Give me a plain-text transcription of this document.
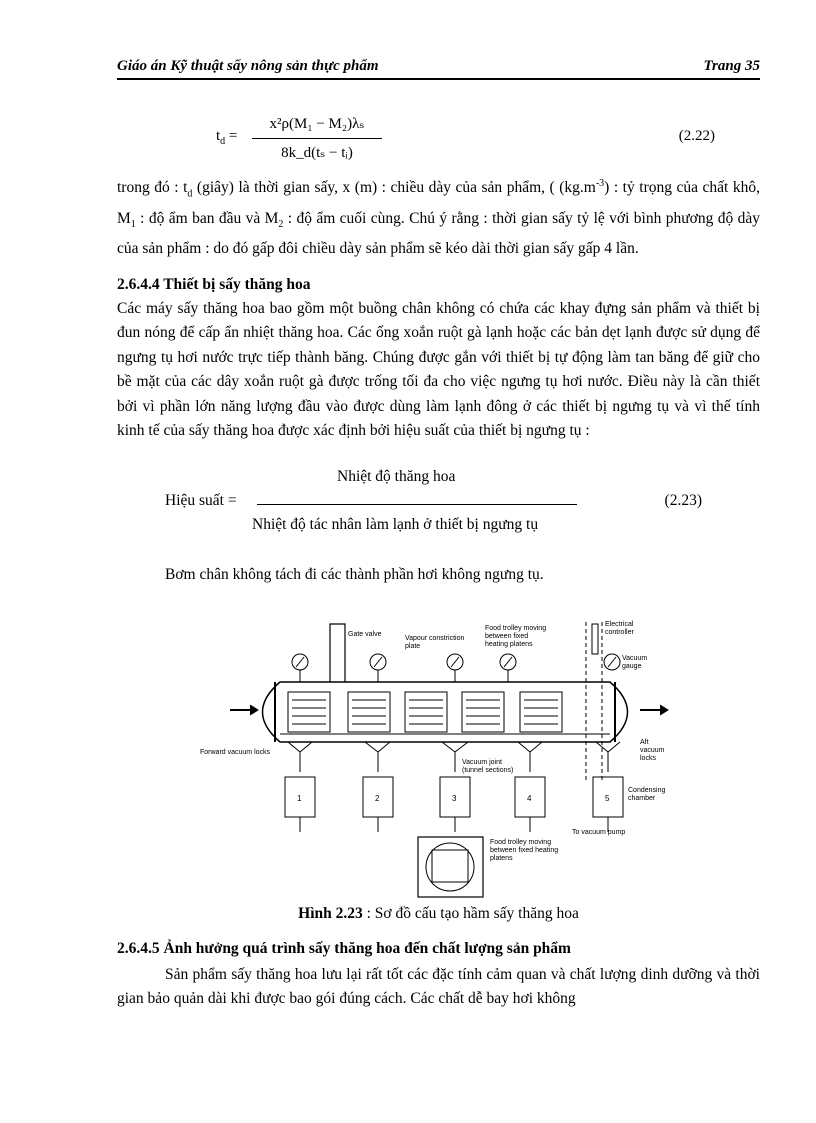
Giáo án Kỹ thuật sấy nông sản thực phẩm	Trang 35
$t_d$ =
x²ρ(M₁ − M₂)λₛ
8k_d(tₛ − tᵢ)
(2.22)
trong đó : $t_d$ (giây) là thời gian sấy, x (m) : chiều dày của sản phẩm, ( $(kg.m^{-3})$ : tỷ trọng của chất khô, $M_1$ : độ ẩm ban đầu và $M_2$ : độ ẩm cuối cùng. Chú ý rằng : thời gian sấy tỷ lệ với bình phương độ dày của sản phẩm : do đó gấp đôi chiều dày sản phẩm sẽ kéo dài thời gian sấy gấp 4 lần.
2.6.4.4 Thiết bị sấy thăng hoa
Các máy sấy thăng hoa bao gồm một buồng chân không có chứa các khay đựng sản phẩm và thiết bị đun nóng để cấp ẩn nhiệt thăng hoa. Các ống xoắn ruột gà lạnh hoặc các bản dẹt lạnh được sử dụng để ngưng tụ hơi nước trực tiếp thành băng. Chúng được gắn với thiết bị tự động làm tan băng để giữ cho bề mặt của các dây xoắn ruột gà được trống tối đa cho việc ngưng tụ hơi nước. Điều này là cần thiết bởi vì phần lớn năng lượng đầu vào được dùng làm lạnh đông ở các thiết bị ngưng tụ và vì thế tính kinh tế của sấy thăng hoa được xác định bởi hiệu suất của thiết bị ngưng tụ :
Nhiệt độ thăng hoa
Hiệu suất =
Nhiệt độ tác nhân làm lạnh ở thiết bị ngưng tụ
(2.23)
Bơm chân không tách đi các thành phần hơi không ngưng tụ.
1	2	3	4	5
Gate valve
Vapour constriction plate
Food trolley moving between fixed heating platens
Electrical controller
Vacuum gauge
Forward vacuum locks
Vacuum joint (tunnel sections)
Aft vacuum locks
Condensing chamber
To vacuum pump
Food trolley moving between fixed heating platens
Hình 2.23 : Sơ đồ cấu tạo hầm sấy thăng hoa
2.6.4.5 Ảnh hưởng quá trình sấy thăng hoa đến chất lượng sản phẩm
Sản phẩm sấy thăng hoa lưu lại rất tốt các đặc tính cảm quan và chất lượng dinh dưỡng và thời gian bảo quản dài khi được bao gói đúng cách. Các chất dễ bay hơi không
